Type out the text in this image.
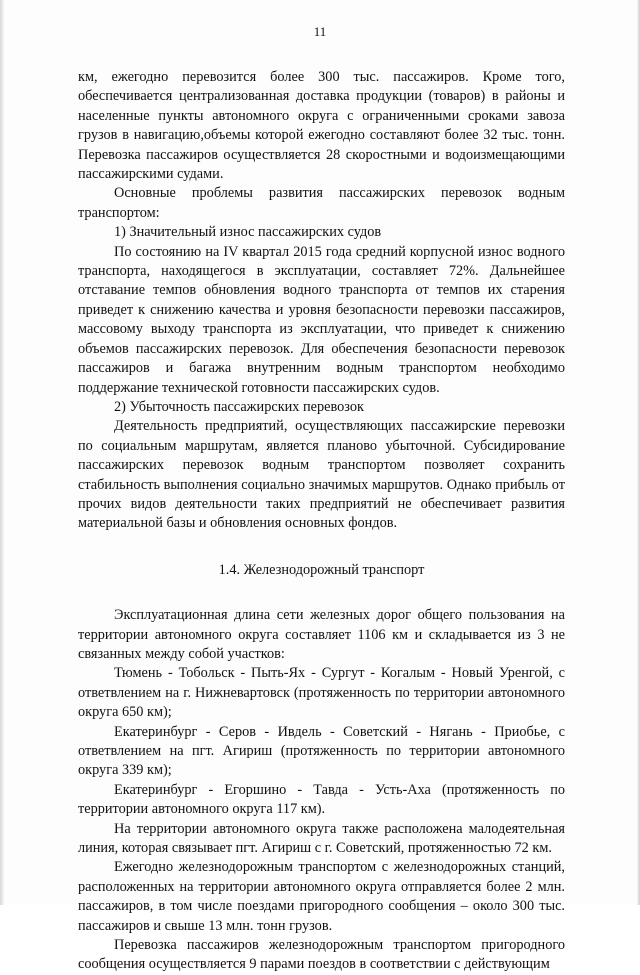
11

км, ежегодно перевозится более 300 тыс. пассажиров. Кроме того, обеспечивается централизованная доставка продукции (товаров) в районы и населенные пункты автономного округа с ограниченными сроками завоза грузов в навигацию,объемы которой ежегодно составляют более 32 тыс. тонн. Перевозка пассажиров осуществляется 28 скоростными и водоизмещающими пассажирскими судами.

Основные проблемы развития пассажирских перевозок водным транспортом:

1) Значительный износ пассажирских судов

По состоянию на IV квартал 2015 года средний корпусной износ водного транспорта, находящегося в эксплуатации, составляет 72%. Дальнейшее отставание темпов обновления водного транспорта от темпов их старения приведет к снижению качества и уровня безопасности перевозки пассажиров, массовому выходу транспорта из эксплуатации, что приведет к снижению объемов пассажирских перевозок. Для обеспечения безопасности перевозок пассажиров и багажа внутренним водным транспортом необходимо поддержание технической готовности пассажирских судов.

2) Убыточность пассажирских перевозок

Деятельность предприятий, осуществляющих пассажирские перевозки по социальным маршрутам, является планово убыточной. Субсидирование пассажирских перевозок водным транспортом позволяет сохранить стабильность выполнения социально значимых маршрутов. Однако прибыль от прочих видов деятельности таких предприятий не обеспечивает развития материальной базы и обновления основных фондов.

1.4. Железнодорожный транспорт

Эксплуатационная длина сети железных дорог общего пользования на территории автономного округа составляет 1106 км и складывается из 3 не связанных между собой участков:

Тюмень - Тобольск - Пыть-Ях - Сургут - Когалым - Новый Уренгой, с ответвлением на г. Нижневартовск (протяженность по территории автономного округа 650 км);

Екатеринбург - Серов - Ивдель - Советский - Нягань - Приобье, с ответвлением на пгт. Агириш (протяженность по территории автономного округа 339 км);

Екатеринбург - Егоршино - Тавда - Усть-Аха (протяженность по территории автономного округа 117 км).

На территории автономного округа также расположена малодеятельная линия, которая связывает пгт. Агириш с г. Советский, протяженностью 72 км.

Ежегодно железнодорожным транспортом с железнодорожных станций, расположенных на территории автономного округа отправляется более 2 млн. пассажиров, в том числе поездами пригородного сообщения – около 300 тыс. пассажиров и свыше 13 млн. тонн грузов.

Перевозка пассажиров железнодорожным транспортом пригородного сообщения осуществляется 9 парами поездов в соответствии с действующим
